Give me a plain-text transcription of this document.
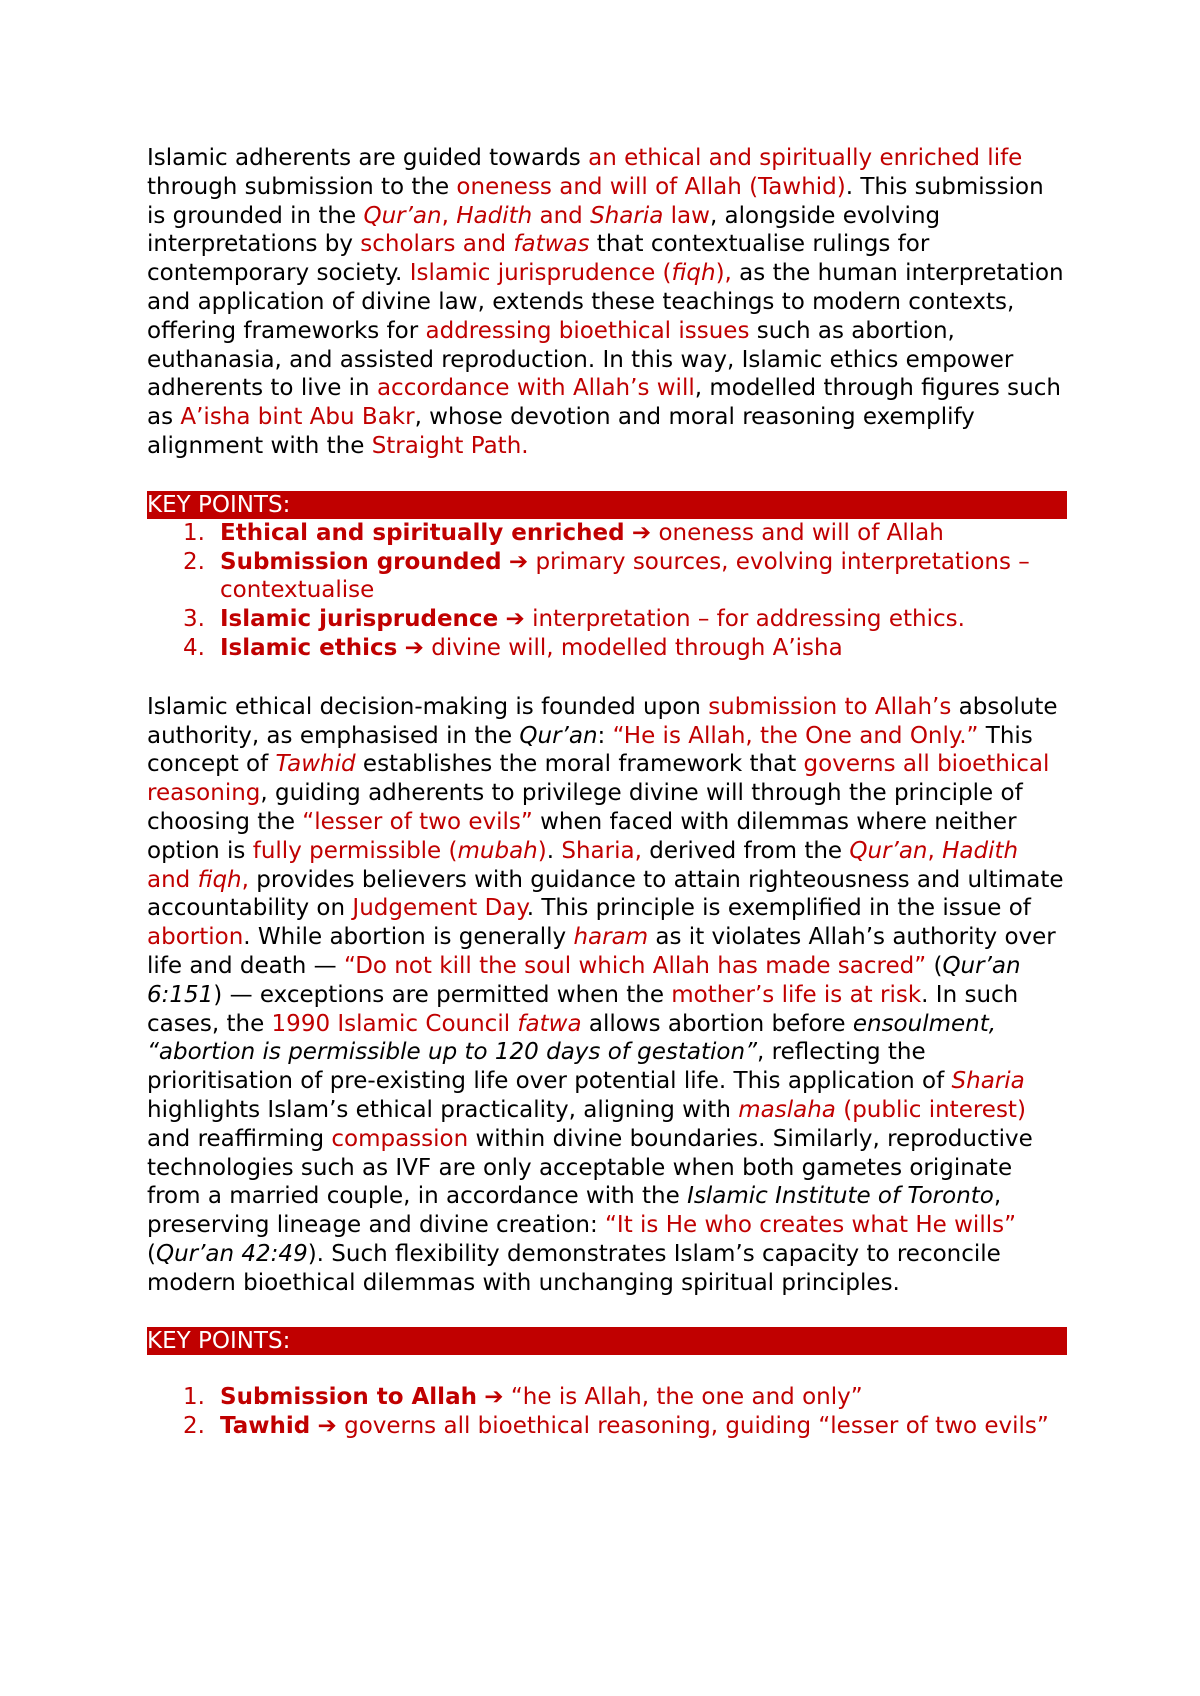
Islamic adherents are guided towards an ethical and spiritually enriched life through submission to the oneness and will of Allah (Tawhid). This submission is grounded in the Qur’an, Hadith and Sharia law, alongside evolving interpretations by scholars and fatwas that contextualise rulings for contemporary society. Islamic jurisprudence (fiqh), as the human interpretation and application of divine law, extends these teachings to modern contexts, offering frameworks for addressing bioethical issues such as abortion, euthanasia, and assisted reproduction. In this way, Islamic ethics empower adherents to live in accordance with Allah’s will, modelled through figures such as A’isha bint Abu Bakr, whose devotion and moral reasoning exemplify alignment with the Straight Path.

KEY POINTS:
1. Ethical and spiritually enriched ➔ oneness and will of Allah
2. Submission grounded ➔ primary sources, evolving interpretations – contextualise
3. Islamic jurisprudence ➔ interpretation – for addressing ethics.
4. Islamic ethics ➔ divine will, modelled through A’isha

Islamic ethical decision-making is founded upon submission to Allah’s absolute authority, as emphasised in the Qur’an: “He is Allah, the One and Only.” This concept of Tawhid establishes the moral framework that governs all bioethical reasoning, guiding adherents to privilege divine will through the principle of choosing the “lesser of two evils” when faced with dilemmas where neither option is fully permissible (mubah). Sharia, derived from the Qur’an, Hadith and fiqh, provides believers with guidance to attain righteousness and ultimate accountability on Judgement Day. This principle is exemplified in the issue of abortion. While abortion is generally haram as it violates Allah’s authority over life and death — “Do not kill the soul which Allah has made sacred” (Qur’an 6:151) — exceptions are permitted when the mother’s life is at risk. In such cases, the 1990 Islamic Council fatwa allows abortion before ensoulment, “abortion is permissible up to 120 days of gestation”, reflecting the prioritisation of pre-existing life over potential life. This application of Sharia highlights Islam’s ethical practicality, aligning with maslaha (public interest) and reaffirming compassion within divine boundaries. Similarly, reproductive technologies such as IVF are only acceptable when both gametes originate from a married couple, in accordance with the Islamic Institute of Toronto, preserving lineage and divine creation: “It is He who creates what He wills” (Qur’an 42:49). Such flexibility demonstrates Islam’s capacity to reconcile modern bioethical dilemmas with unchanging spiritual principles.

KEY POINTS:
1. Submission to Allah ➔ “he is Allah, the one and only”
2. Tawhid ➔ governs all bioethical reasoning, guiding “lesser of two evils”
